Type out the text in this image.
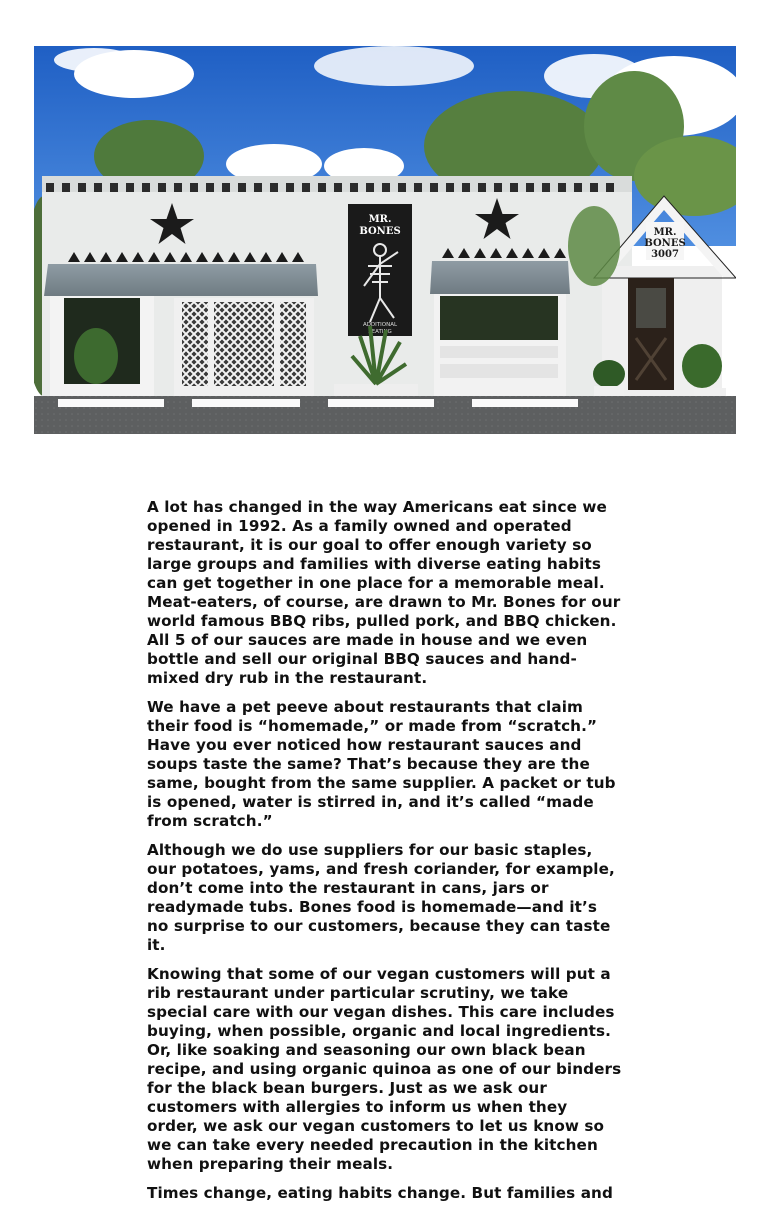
MR.
BONES
ADDITIONAL
SEATING
MR.
BONES
3007

A lot has changed in the way Americans eat since we opened in 1992. As a family owned and operated restaurant, it is our goal to offer enough variety so large groups and families with diverse eating habits can get together in one place for a memorable meal. Meat-eaters, of course, are drawn to Mr. Bones for our world famous BBQ ribs, pulled pork, and BBQ chicken. All 5 of our sauces are made in house and we even bottle and sell our original BBQ sauces and hand-mixed dry rub in the restaurant.

We have a pet peeve about restaurants that claim their food is “homemade,” or made from “scratch.” Have you ever noticed how restaurant sauces and soups taste the same? That’s because they are the same, bought from the same supplier. A packet or tub is opened, water is stirred in, and it’s called “made from scratch.”

Although we do use suppliers for our basic staples, our potatoes, yams, and fresh coriander, for example, don’t come into the restaurant in cans, jars or readymade tubs. Bones food is homemade—and it’s no surprise to our customers, because they can taste it.

Knowing that some of our vegan customers will put a rib restaurant under particular scrutiny, we take special care with our vegan dishes. This care includes buying, when possible, organic and local ingredients. Or, like soaking and seasoning our own black bean recipe, and using organic quinoa as one of our binders for the black bean burgers. Just as we ask our customers with allergies to inform us when they order, we ask our vegan customers to let us know so we can take every needed precaution in the kitchen when preparing their meals.

Times change, eating habits change. But families and
